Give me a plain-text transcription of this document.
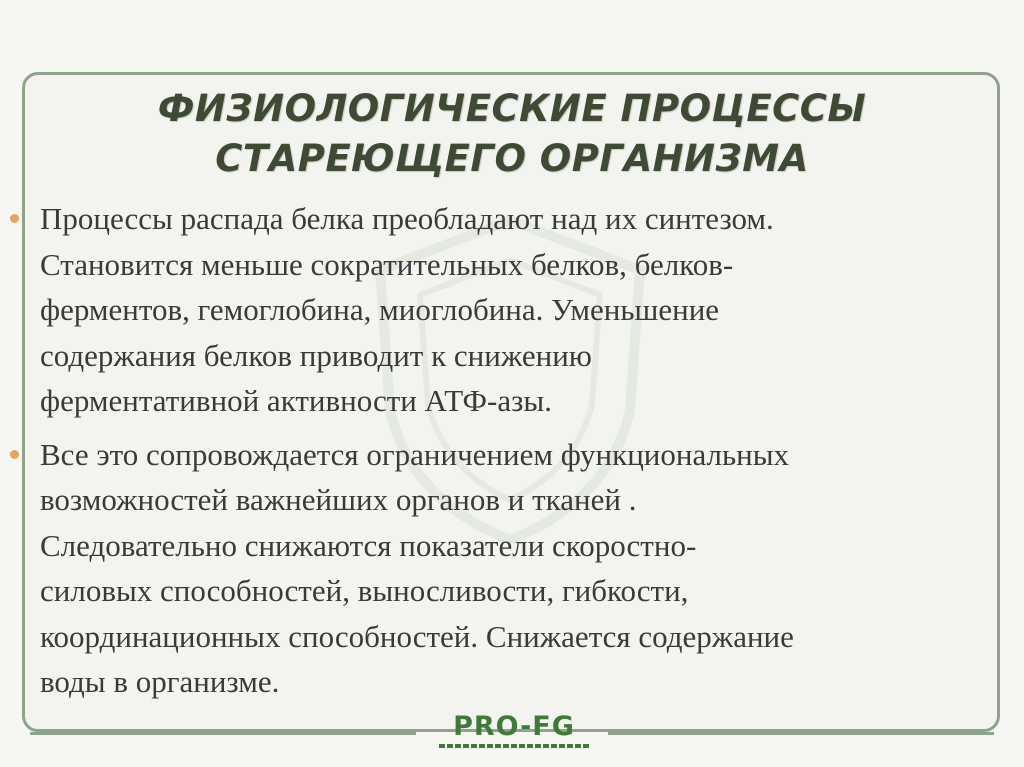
ФИЗИОЛОГИЧЕСКИЕ ПРОЦЕССЫ
СТАРЕЮЩЕГО ОРГАНИЗМА
Процессы распада белка преобладают над их синтезом.
Становится меньше сократительных белков, белков-
ферментов, гемоглобина, миоглобина. Уменьшение
содержания белков приводит к снижению
ферментативной активности АТФ-азы.
Все это сопровождается ограничением функциональных
возможностей важнейших органов и тканей .
Следовательно снижаются показатели скоростно-
силовых способностей, выносливости, гибкости,
координационных способностей. Снижается содержание
воды в организме.
PRO-FG
